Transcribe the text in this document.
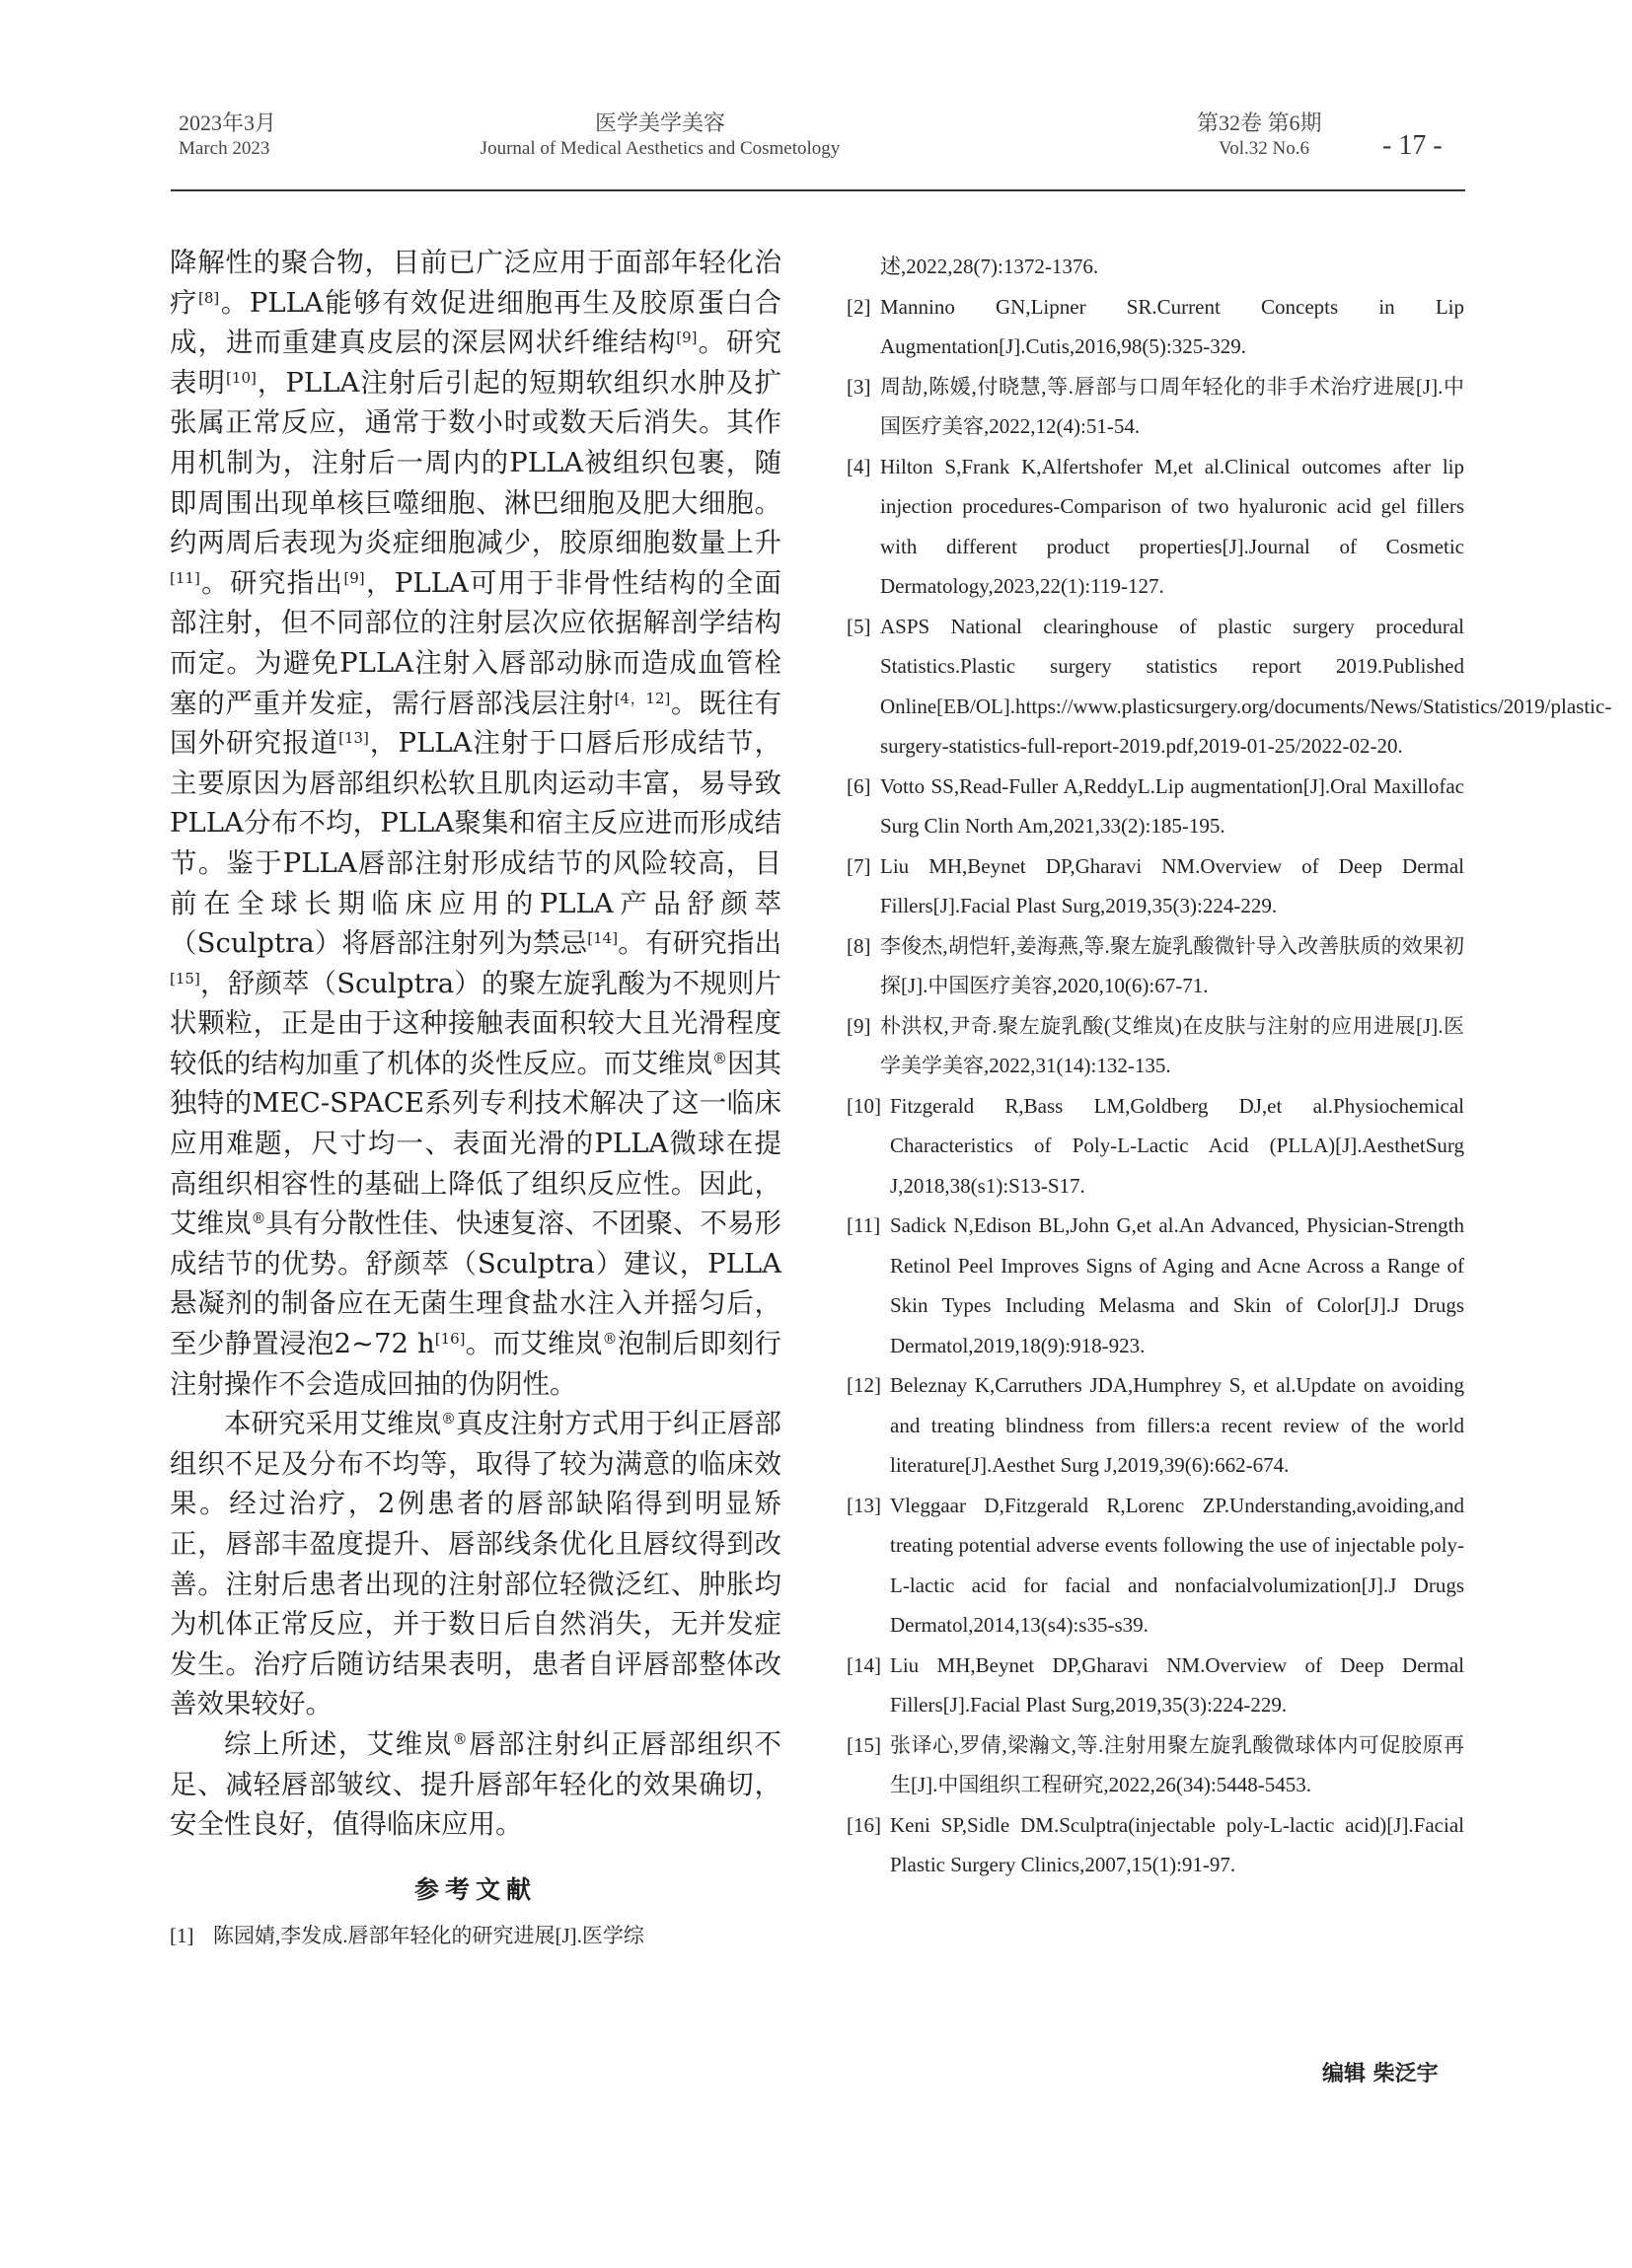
2023年3月
March 2023
医学美学美容
Journal of Medical Aesthetics and Cosmetology
第32卷 第6期
Vol.32 No.6	- 17 -

降解性的聚合物，目前已广泛应用于面部年轻化治疗[8]。PLLA能够有效促进细胞再生及胶原蛋白合成，进而重建真皮层的深层网状纤维结构[9]。研究表明[10]，PLLA注射后引起的短期软组织水肿及扩张属正常反应，通常于数小时或数天后消失。其作用机制为，注射后一周内的PLLA被组织包裹，随即周围出现单核巨噬细胞、淋巴细胞及肥大细胞。约两周后表现为炎症细胞减少，胶原细胞数量上升[11]。研究指出[9]，PLLA可用于非骨性结构的全面部注射，但不同部位的注射层次应依据解剖学结构而定。为避免PLLA注射入唇部动脉而造成血管栓塞的严重并发症，需行唇部浅层注射[4，12]。既往有国外研究报道[13]，PLLA注射于口唇后形成结节，主要原因为唇部组织松软且肌肉运动丰富，易导致PLLA分布不均，PLLA聚集和宿主反应进而形成结节。鉴于PLLA唇部注射形成结节的风险较高，目前在全球长期临床应用的PLLA产品舒颜萃（Sculptra）将唇部注射列为禁忌[14]。有研究指出[15]，舒颜萃（Sculptra）的聚左旋乳酸为不规则片状颗粒，正是由于这种接触表面积较大且光滑程度较低的结构加重了机体的炎性反应。而艾维岚®因其独特的MEC-SPACE系列专利技术解决了这一临床应用难题，尺寸均一、表面光滑的PLLA微球在提高组织相容性的基础上降低了组织反应性。因此，艾维岚®具有分散性佳、快速复溶、不团聚、不易形成结节的优势。舒颜萃（Sculptra）建议，PLLA悬凝剂的制备应在无菌生理食盐水注入并摇匀后，至少静置浸泡2~72 h[16]。而艾维岚®泡制后即刻行注射操作不会造成回抽的伪阴性。

本研究采用艾维岚®真皮注射方式用于纠正唇部组织不足及分布不均等，取得了较为满意的临床效果。经过治疗，2例患者的唇部缺陷得到明显矫正，唇部丰盈度提升、唇部线条优化且唇纹得到改善。注射后患者出现的注射部位轻微泛红、肿胀均为机体正常反应，并于数日后自然消失，无并发症发生。治疗后随访结果表明，患者自评唇部整体改善效果较好。

综上所述，艾维岚®唇部注射纠正唇部组织不足、减轻唇部皱纹、提升唇部年轻化的效果确切，安全性良好，值得临床应用。

参考文献
[1] 陈园婧,李发成.唇部年轻化的研究进展[J].医学综
述,2022,28(7):1372-1376.
[2] Mannino GN,Lipner SR.Current Concepts in Lip Augmentation[J].Cutis,2016,98(5):325-329.
[3] 周劼,陈媛,付晓慧,等.唇部与口周年轻化的非手术治疗进展[J].中国医疗美容,2022,12(4):51-54.
[4] Hilton S,Frank K,Alfertshofer M,et al.Clinical outcomes after lip injection procedures-Comparison of two hyaluronic acid gel fillers with different product properties[J].Journal of Cosmetic Dermatology,2023,22(1):119-127.
[5] ASPS National clearinghouse of plastic surgery procedural Statistics.Plastic surgery statistics report 2019.Published Online[EB/OL].https://www.plasticsurgery.org/documents/News/Statistics/2019/plastic-surgery-statistics-full-report-2019.pdf,2019-01-25/2022-02-20.
[6] Votto SS,Read-Fuller A,ReddyL.Lip augmentation[J].Oral Maxillofac Surg Clin North Am,2021,33(2):185-195.
[7] Liu MH,Beynet DP,Gharavi NM.Overview of Deep Dermal Fillers[J].Facial Plast Surg,2019,35(3):224-229.
[8] 李俊杰,胡恺轩,姜海燕,等.聚左旋乳酸微针导入改善肤质的效果初探[J].中国医疗美容,2020,10(6):67-71.
[9] 朴洪权,尹奇.聚左旋乳酸(艾维岚)在皮肤与注射的应用进展[J].医学美学美容,2022,31(14):132-135.
[10] Fitzgerald R,Bass LM,Goldberg DJ,et al.Physiochemical Characteristics of Poly-L-Lactic Acid (PLLA)[J].AesthetSurg J,2018,38(s1):S13-S17.
[11] Sadick N,Edison BL,John G,et al.An Advanced, Physician-Strength Retinol Peel Improves Signs of Aging and Acne Across a Range of Skin Types Including Melasma and Skin of Color[J].J Drugs Dermatol,2019,18(9):918-923.
[12] Beleznay K,Carruthers JDA,Humphrey S, et al.Update on avoiding and treating blindness from fillers:a recent review of the world literature[J].Aesthet Surg J,2019,39(6):662-674.
[13] Vleggaar D,Fitzgerald R,Lorenc ZP.Understanding,avoiding,and treating potential adverse events following the use of injectable poly-L-lactic acid for facial and nonfacialvolumization[J].J Drugs Dermatol,2014,13(s4):s35-s39.
[14] Liu MH,Beynet DP,Gharavi NM.Overview of Deep Dermal Fillers[J].Facial Plast Surg,2019,35(3):224-229.
[15] 张译心,罗倩,梁瀚文,等.注射用聚左旋乳酸微球体内可促胶原再生[J].中国组织工程研究,2022,26(34):5448-5453.
[16] Keni SP,Sidle DM.Sculptra(injectable poly-L-lactic acid)[J].Facial Plastic Surgery Clinics,2007,15(1):91-97.
编辑 柴泛宇
